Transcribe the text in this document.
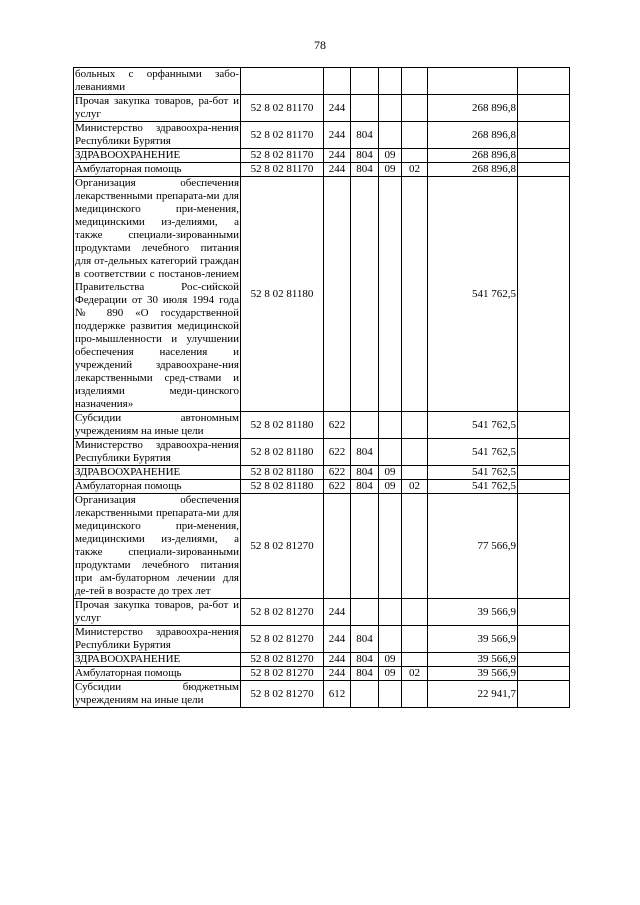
78
больных с орфанными забо-левaниями							
Прочая закупка товаров, ра-бот и услуг	52 8 02 81170	244				268 896,8	
Министерство здравоохра-нения Республики Бурятия	52 8 02 81170	244	804			268 896,8	
ЗДРАВООХРАНЕНИЕ	52 8 02 81170	244	804	09		268 896,8	
Амбулаторная помощь	52 8 02 81170	244	804	09	02	268 896,8	
Организация обеспечения лекарственными препарата-ми для медицинского при-менения, медицинскими из-делиями, а также специали-зированными продуктами лечебного питания для от-дельных категорий граждан в соответствии с постанов-лением Правительства Рос-сийской Федерации от 30 июля 1994 года № 890 «О государственной поддержке развития медицинской про-мышленности и улучшении обеспечения населения и учреждений здравоохране-ния лекарственными сред-ствами и изделиями меди-цинского назначения»	52 8 02 81180					541 762,5	
Субсидии автономным учреждениям на иные цели	52 8 02 81180	622				541 762,5	
Министерство здравоохра-нения Республики Бурятия	52 8 02 81180	622	804			541 762,5	
ЗДРАВООХРАНЕНИЕ	52 8 02 81180	622	804	09		541 762,5	
Амбулаторная помощь	52 8 02 81180	622	804	09	02	541 762,5	
Организация обеспечения лекарственными препарата-ми для медицинского при-менения, медицинскими из-делиями, а также специали-зированными продуктами лечебного питания при ам-булаторном лечении для де-тей в возрасте до трех лет	52 8 02 81270					77 566,9	
Прочая закупка товаров, ра-бот и услуг	52 8 02 81270	244				39 566,9	
Министерство здравоохра-нения Республики Бурятия	52 8 02 81270	244	804			39 566,9	
ЗДРАВООХРАНЕНИЕ	52 8 02 81270	244	804	09		39 566,9	
Амбулаторная помощь	52 8 02 81270	244	804	09	02	39 566,9	
Субсидии бюджетным учреждениям на иные цели	52 8 02 81270	612				22 941,7	
